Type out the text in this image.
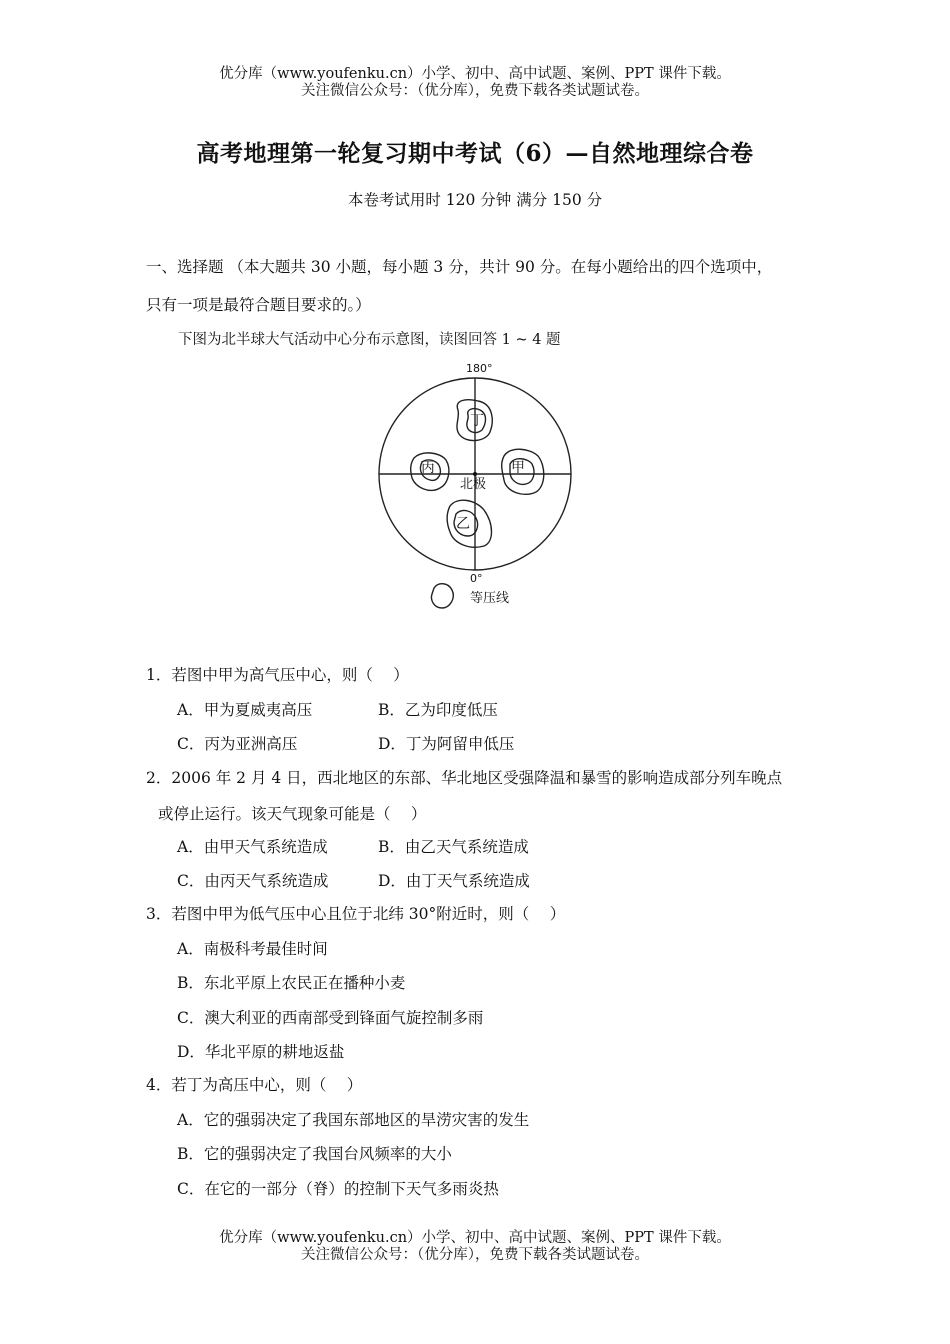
优分库（www.youfenku.cn）小学、初中、高中试题、案例、PPT 课件下载。
关注微信公众号：（优分库），免费下载各类试题试卷。
高考地理第一轮复习期中考试（6）—自然地理综合卷
本卷考试用时 120 分钟 满分 150 分
一、选择题 （本大题共 30 小题，每小题 3 分，共计 90 分。在每小题给出的四个选项中，
只有一项是最符合题目要求的。）
下图为北半球大气活动中心分布示意图，读图回答 1 ~ 4 题
180°
0°
北极
甲
乙
丙
丁
等压线
1．若图中甲为高气压中心，则（　 ）
A．甲为夏威夷高压	B．乙为印度低压
C．丙为亚洲高压	D．丁为阿留申低压
2．2006 年 2 月 4 日，西北地区的东部、华北地区受强降温和暴雪的影响造成部分列车晚点
或停止运行。该天气现象可能是（　 ）
A．由甲天气系统造成	B．由乙天气系统造成
C．由丙天气系统造成	D．由丁天气系统造成
3．若图中甲为低气压中心且位于北纬 30°附近时，则（　 ）
A．南极科考最佳时间
B．东北平原上农民正在播种小麦
C．澳大利亚的西南部受到锋面气旋控制多雨
D．华北平原的耕地返盐
4．若丁为高压中心，则（　 ）
A．它的强弱决定了我国东部地区的旱涝灾害的发生
B．它的强弱决定了我国台风频率的大小
C．在它的一部分（脊）的控制下天气多雨炎热
优分库（www.youfenku.cn）小学、初中、高中试题、案例、PPT 课件下载。
关注微信公众号：（优分库），免费下载各类试题试卷。
